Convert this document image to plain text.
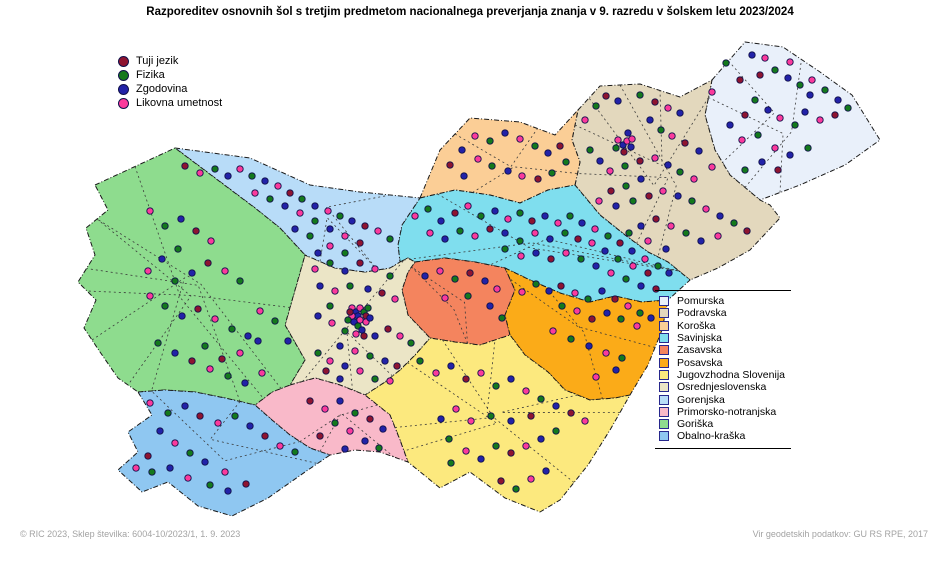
Razporeditev osnovnih šol s tretjim predmetom nacionalnega preverjanja znanja v 9. razredu v šolskem letu 2023/2024
Tuji jezik
Fizika
Zgodovina
Likovna umetnost
Pomurska
Podravska
Koroška
Savinjska
Zasavska
Posavska
Jugovzhodna Slovenija
Osrednjeslovenska
Gorenjska
Primorsko-notranjska
Goriška
Obalno-kraška
© RIC 2023, Sklep številka: 6004-10/2023/1, 1. 9. 2023	Vir geodetskih podatkov: GU RS RPE, 2017
